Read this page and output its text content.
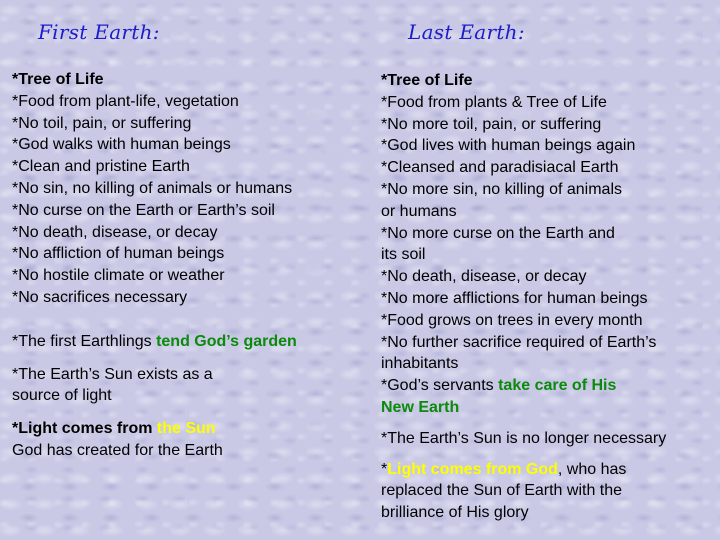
First Earth:	Last Earth:
*Tree of Life
*Food from plant-life, vegetation
*No toil, pain, or suffering
*God walks with human beings
*Clean and pristine Earth
*No sin, no killing of animals or humans
*No curse on the Earth or Earth’s soil
*No death, disease, or decay
*No affliction of human beings
*No hostile climate or weather
*No sacrifices necessary
*The first Earthlings tend God’s garden
*The Earth’s Sun exists as a
source of light
*Light comes from the Sun
God has created for the Earth
*Tree of Life
*Food from plants & Tree of Life
*No more toil, pain, or suffering
*God lives with human beings again
*Cleansed and paradisiacal Earth
*No more sin, no killing of animals
or humans
*No more curse on the Earth and
its soil
*No death, disease, or decay
*No more afflictions for human beings
*Food grows on trees in every month
*No further sacrifice required of Earth’s
inhabitants
*God’s servants take care of His
New Earth
*The Earth’s Sun is no longer necessary
*Light comes from God, who has
replaced the Sun of Earth with the
brilliance of His glory
